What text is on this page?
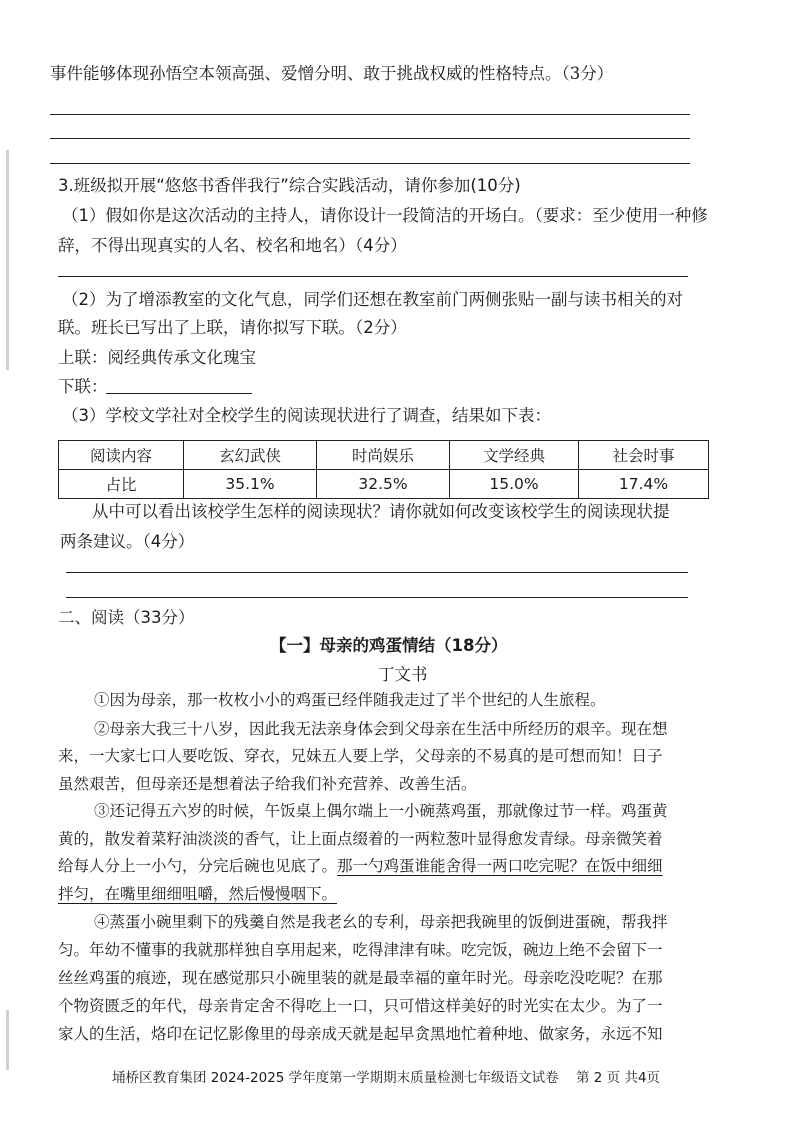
事件能够体现孙悟空本领高强、爱憎分明、敢于挑战权威的性格特点。（3分）
3.班级拟开展“悠悠书香伴我行”综合实践活动，请你参加(10分)
（1）假如你是这次活动的主持人，请你设计一段简洁的开场白。（要求：至少使用一种修
辞，不得出现真实的人名、校名和地名）（4分）
（2）为了增添教室的文化气息，同学们还想在教室前门两侧张贴一副与读书相关的对
联。班长已写出了上联，请你拟写下联。（2分）
上联：阅经典传承文化瑰宝
下联：
（3）学校文学社对全校学生的阅读现状进行了调查，结果如下表：
阅读内容	玄幻武侠	时尚娱乐	文学经典	社会时事
占比	35.1%	32.5%	15.0%	17.4%
从中可以看出该校学生怎样的阅读现状？请你就如何改变该校学生的阅读现状提
两条建议。（4分）
二、阅读（33分）
【一】母亲的鸡蛋情结（18分）
丁文书
①因为母亲，那一枚枚小小的鸡蛋已经伴随我走过了半个世纪的人生旅程。
②母亲大我三十八岁，因此我无法亲身体会到父母亲在生活中所经历的艰辛。现在想
来，一大家七口人要吃饭、穿衣，兄妹五人要上学，父母亲的不易真的是可想而知！日子
虽然艰苦，但母亲还是想着法子给我们补充营养、改善生活。
③还记得五六岁的时候，午饭桌上偶尔端上一小碗蒸鸡蛋，那就像过节一样。鸡蛋黄
黄的，散发着菜籽油淡淡的香气，让上面点缀着的一两粒葱叶显得愈发青绿。母亲微笑着
给每人分上一小勺，分完后碗也见底了。那一勺鸡蛋谁能舍得一两口吃完呢？在饭中细细
拌匀，在嘴里细细咀嚼，然后慢慢咽下。
④蒸蛋小碗里剩下的残羹自然是我老幺的专利，母亲把我碗里的饭倒进蛋碗，帮我拌
匀。年幼不懂事的我就那样独自享用起来，吃得津津有味。吃完饭，碗边上绝不会留下一
丝丝鸡蛋的痕迹，现在感觉那只小碗里装的就是最幸福的童年时光。母亲吃没吃呢？在那
个物资匮乏的年代，母亲肯定舍不得吃上一口，只可惜这样美好的时光实在太少。为了一
家人的生活，烙印在记忆影像里的母亲成天就是起早贪黑地忙着种地、做家务，永远不知
埇桥区教育集团 2024-2025 学年度第一学期期末质量检测七年级语文试卷 第 2 页 共4页
